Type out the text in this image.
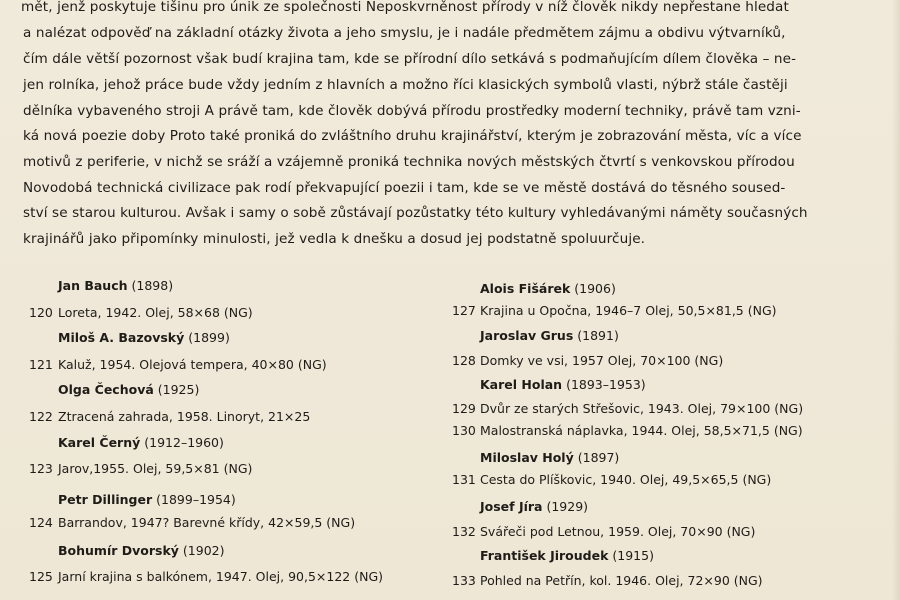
mět, jenž poskytuje tišinu pro únik ze společnosti Neposkvrněnost přírody v níž člověk nikdy nepřestane hledat
a nalézat odpověď na základní otázky života a jeho smyslu, je i nadále předmětem zájmu a obdivu výtvarníků,
čím dále větší pozornost však budí krajina tam, kde se přírodní dílo setkává s podmaňujícím dílem člověka – ne-
jen rolníka, jehož práce bude vždy jedním z hlavních a možno říci klasických symbolů vlasti, nýbrž stále častěji
dělníka vybaveného stroji A právě tam, kde člověk dobývá přírodu prostředky moderní techniky, právě tam vzni-
ká nová poezie doby Proto také proniká do zvláštního druhu krajinářství, kterým je zobrazování města, víc a více
motivů z periferie, v nichž se sráží a vzájemně proniká technika nových městských čtvrtí s venkovskou přírodou
Novodobá technická civilizace pak rodí překvapující poezii i tam, kde se ve městě dostává do těsného soused-
ství se starou kulturou. Avšak i samy o sobě zůstávají pozůstatky této kultury vyhledávanými náměty současných
krajinářů jako připomínky minulosti, jež vedla k dnešku a dosud jej podstatně spoluurčuje.
Jan Bauch (1898)
120 Loreta, 1942. Olej, 58×68 (NG)
Miloš A. Bazovský (1899)
121 Kaluž, 1954. Olejová tempera, 40×80 (NG)
Olga Čechová (1925)
122 Ztracená zahrada, 1958. Linoryt, 21×25
Karel Černý (1912–1960)
123 Jarov,1955. Olej, 59,5×81 (NG)
Petr Dillinger (1899–1954)
124 Barrandov, 1947? Barevné křídy, 42×59,5 (NG)
Bohumír Dvorský (1902)
125 Jarní krajina s balkónem, 1947. Olej, 90,5×122 (NG)
Alois Fišárek (1906)
127 Krajina u Opočna, 1946–7 Olej, 50,5×81,5 (NG)
Jaroslav Grus (1891)
128 Domky ve vsi, 1957 Olej, 70×100 (NG)
Karel Holan (1893–1953)
129 Dvůr ze starých Střešovic, 1943. Olej, 79×100 (NG)
130 Malostranská náplavka, 1944. Olej, 58,5×71,5 (NG)
Miloslav Holý (1897)
131 Cesta do Plíškovic, 1940. Olej, 49,5×65,5 (NG)
Josef Jíra (1929)
132 Svářeči pod Letnou, 1959. Olej, 70×90 (NG)
František Jiroudek (1915)
133 Pohled na Petřín, kol. 1946. Olej, 72×90 (NG)
